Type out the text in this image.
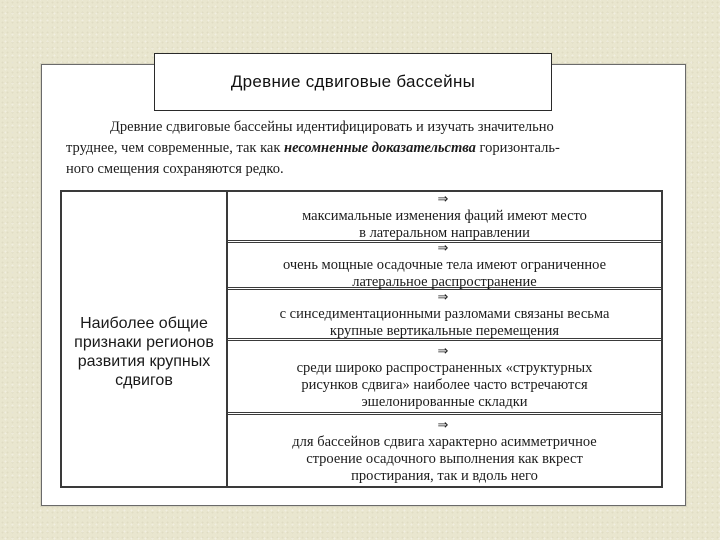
Древние сдвиговые бассейны
Древние сдвиговые бассейны идентифицировать и изучать значительно
труднее, чем современные, так как несомненные доказательства горизонталь-
ного смещения сохраняются редко.
Наиболее общие
признаки регионов
развития крупных
сдвигов
⇒
максимальные изменения фаций имеют место
в латеральном направлении
⇒
очень мощные осадочные тела имеют ограниченное
латеральное распространение
⇒
с синседиментационными разломами связаны весьма
крупные вертикальные перемещения
⇒
среди широко распространенных «структурных
рисунков сдвига» наиболее часто встречаются
эшелонированные складки
⇒
для бассейнов сдвига характерно асимметричное
строение осадочного выполнения как вкрест
простирания, так и вдоль него
